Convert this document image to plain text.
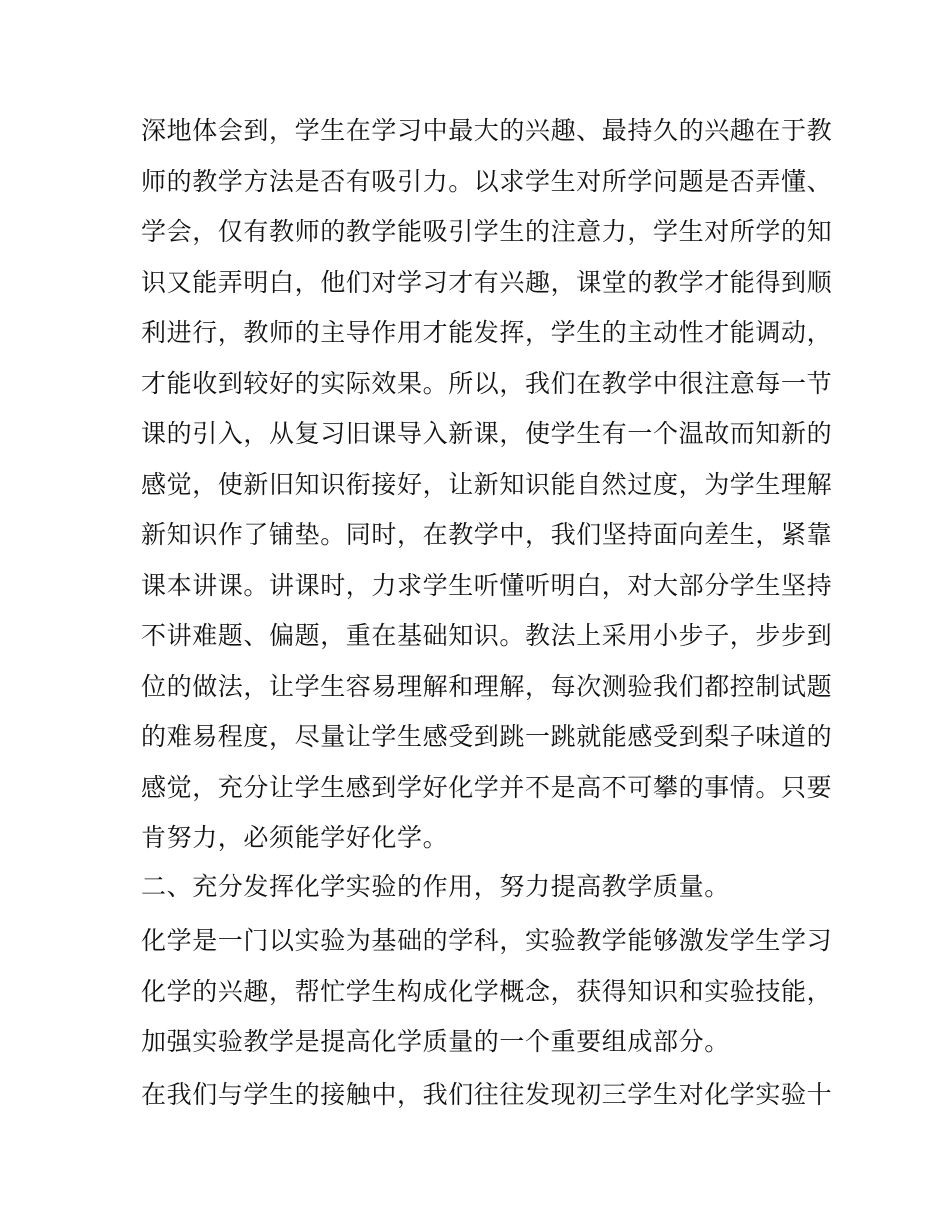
深地体会到，学生在学习中最大的兴趣、最持久的兴趣在于教
师的教学方法是否有吸引力。以求学生对所学问题是否弄懂、
学会，仅有教师的教学能吸引学生的注意力，学生对所学的知
识又能弄明白，他们对学习才有兴趣，课堂的教学才能得到顺
利进行，教师的主导作用才能发挥，学生的主动性才能调动，
才能收到较好的实际效果。所以，我们在教学中很注意每一节
课的引入，从复习旧课导入新课，使学生有一个温故而知新的
感觉，使新旧知识衔接好，让新知识能自然过度，为学生理解
新知识作了铺垫。同时，在教学中，我们坚持面向差生，紧靠
课本讲课。讲课时，力求学生听懂听明白，对大部分学生坚持
不讲难题、偏题，重在基础知识。教法上采用小步子，步步到
位的做法，让学生容易理解和理解，每次测验我们都控制试题
的难易程度，尽量让学生感受到跳一跳就能感受到梨子味道的
感觉，充分让学生感到学好化学并不是高不可攀的事情。只要
肯努力，必须能学好化学。
二、充分发挥化学实验的作用，努力提高教学质量。
化学是一门以实验为基础的学科，实验教学能够激发学生学习
化学的兴趣，帮忙学生构成化学概念，获得知识和实验技能，
加强实验教学是提高化学质量的一个重要组成部分。
在我们与学生的接触中，我们往往发现初三学生对化学实验十
